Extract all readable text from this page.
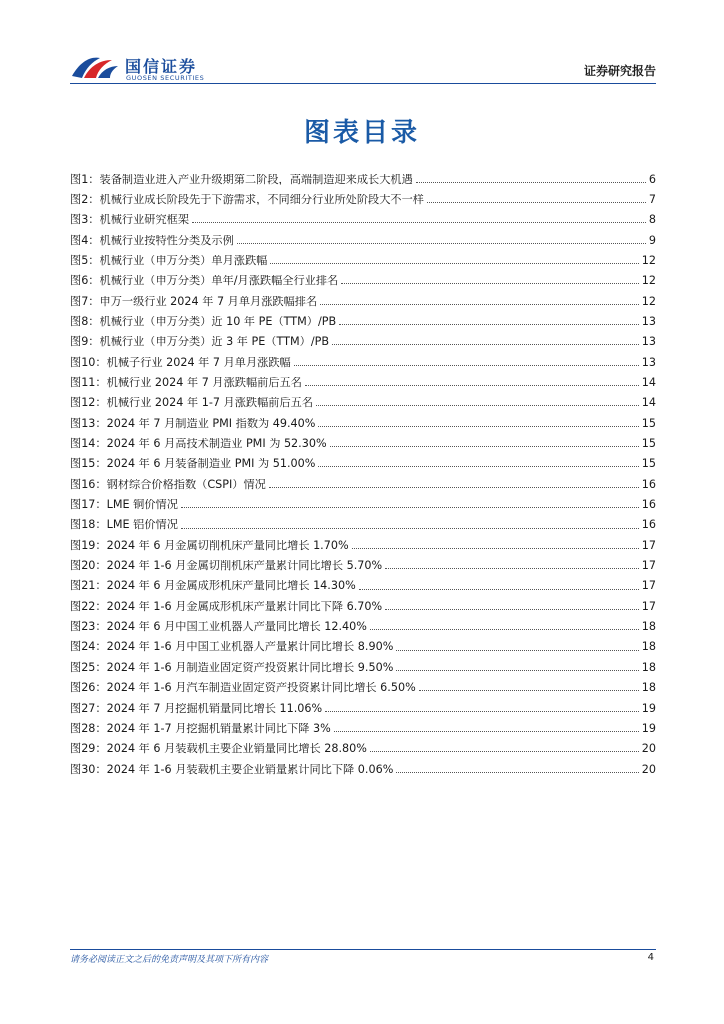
国信证券
GUOSEN SECURITIES	证券研究报告
图表目录
图1： 装备制造业进入产业升级期第二阶段，高端制造迎来成长大机遇	6
图2： 机械行业成长阶段先于下游需求，不同细分行业所处阶段大不一样	7
图3： 机械行业研究框架	8
图4： 机械行业按特性分类及示例	9
图5： 机械行业（申万分类）单月涨跌幅	12
图6： 机械行业（申万分类）单年/月涨跌幅全行业排名	12
图7： 申万一级行业 2024 年 7 月单月涨跌幅排名	12
图8： 机械行业（申万分类）近 10 年 PE（TTM）/PB	13
图9： 机械行业（申万分类）近 3 年 PE（TTM）/PB	13
图10： 机械子行业 2024 年 7 月单月涨跌幅	13
图11： 机械行业 2024 年 7 月涨跌幅前后五名	14
图12： 机械行业 2024 年 1-7 月涨跌幅前后五名	14
图13： 2024 年 7 月制造业 PMI 指数为 49.40%	15
图14： 2024 年 6 月高技术制造业 PMI 为 52.30%	15
图15： 2024 年 6 月装备制造业 PMI 为 51.00%	15
图16： 钢材综合价格指数（CSPI）情况	16
图17： LME 铜价情况	16
图18： LME 铝价情况	16
图19： 2024 年 6 月金属切削机床产量同比增长 1.70%	17
图20： 2024 年 1-6 月金属切削机床产量累计同比增长 5.70%	17
图21： 2024 年 6 月金属成形机床产量同比增长 14.30%	17
图22： 2024 年 1-6 月金属成形机床产量累计同比下降 6.70%	17
图23： 2024 年 6 月中国工业机器人产量同比增长 12.40%	18
图24： 2024 年 1-6 月中国工业机器人产量累计同比增长 8.90%	18
图25： 2024 年 1-6 月制造业固定资产投资累计同比增长 9.50%	18
图26： 2024 年 1-6 月汽车制造业固定资产投资累计同比增长 6.50%	18
图27： 2024 年 7 月挖掘机销量同比增长 11.06%	19
图28： 2024 年 1-7 月挖掘机销量累计同比下降 3%	19
图29： 2024 年 6 月装载机主要企业销量同比增长 28.80%	20
图30： 2024 年 1-6 月装载机主要企业销量累计同比下降 0.06%	20
请务必阅读正文之后的免责声明及其项下所有内容	4
